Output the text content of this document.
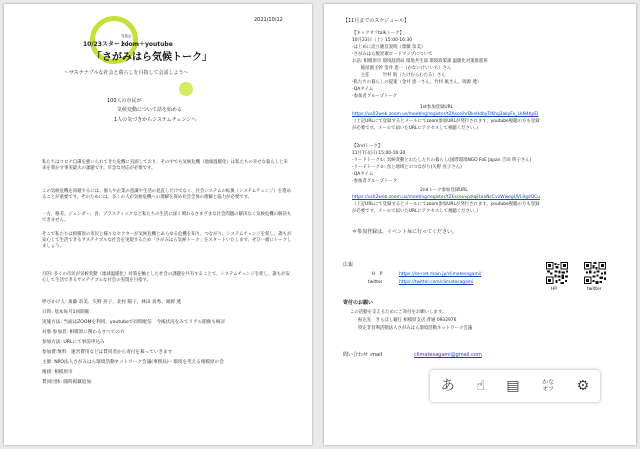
2021/10/12
10/23スタート！
対話会
zoom＋youtube
「さがみはら気候トーク」
〜サステナブルな社会と暮らしを目指して会話しよう〜
100人の市民が
気候変動について話を始める
1人の気づきからシステムチェンジへ
私たちはコロナ自粛を強いられてきた危機に直面しており、その中でも気候危機（地球温暖化）は私たちの幸せな暮らしと未来を脅かす事実最大の課題です。早急な対応が必要です。
この気候危機を回避するには、個人や企業の意識や生活の見直しだけでなく、社会システムの転換（システムチェンジ）を進めることが重要です。そのためには、多くの人が気候危機への理解を深め社会全体の理解と協力が必要です。
一方、格差、ジェンダー、食、プラスティックなど私たちの生活に深く関わるさまざまな社会問題の解決なく気候危機の解決もできません。
そこで私たちは相模原の市民と様々なセクターが気候危機とあらゆる危機を知り、つながり、システムチェンジを促し、誰もが安心して生活できるサステナブルな社会を実現するため「さがみはら気候トーク」をスタートいたします。ぜひ一緒にトークしましょう。
目的: 多くの市民が気候変動（地球温暖化）対策を軸とした社会の課題を共有することで、システムチェンジを促し、誰もが安心して生活できるサステナブルな社会の実現を目指す。
呼びかけ人: 斎藤 奈美、矢野 亮子、北村 陽子、林田 真秀、岡源 透
日時: 基本毎月1回開催
実施方法: 当面はZOOMを利用、youtubeで同時配信　今後状況をみてリアル開催も検討
対象·参加者: 相模原に関わるすべての方
参加方法: URLにて事前申込み
参加費:無料　運営費用などは賛同者から寄付を募っていきます
主催: NPO法人さがみはら環境活動ネットワーク会議(事務局)・環境を考える相模原の会
後援: 相模原市
賛同団体: 随時掲載追加
【11月までのスケジュール】
【キックオフtalkトーク】
10月23日（土）15:00-16:30
-はじめに設立趣旨説明（齋藤 奈美）
-さがみはら脱炭素ロードマップについて
お話: 相模原市 環境経済局 環境共生部 環境政策課 温暖化対策推進班
　　総括副主幹 金井 恵一（かないけいいち）さん
　　主任　　　竹村 航（たけむらわたる）さん
-私たちの暮らしの提案（金井 恵一さん、竹村 航さん、岡源 透）
-QAタイム
-参加者グループトーク
1st参加登録URL
https://us02web.zoom.us/meeting/register/tZAsceihrDksHdbyTrKhg3akyFx_LkN4hpEI
（上記URLにて登録するとメールにてzoom参加URLが発行されます。youtube視聴の方も登録
が必要です。メールで届いたURLにアクセスして視聴ください。）
【2ndトーク】
11月7日(日) 15:00-16:30
-リードトーク①: 気候変動とわたしたちの暮らし(国際環境NGO FoE Japan 吉田 明子さん)
-リードトーク②: 食と地域とのつながり(矢野 亮子さん)
-QAタイム
-参加者グループトーク
2ndトーク参加登録URL
https://us02web.zoom.us/meeting/register/tZEsceuvpzIqEtaaNcCvoWwegUVL9gdQCu
（上記URLにて登録するとメールにてzoom参加URLが発行されます。youtube視聴の方も登録
が必要です。メールで届いたURLにアクセスして視聴ください。）
＊参加登録は、イベント毎に行ってください。
広報
H　P	https://se-net.main.jp/climatesagami/
twitter	https://twitter.com/climatesagami
HP	twitter
寄付のお願い
この活動を支えるためにご寄付をお願いします。
振込先　きらぼし銀行 相模原支店 普通 0932976
特定非営利活動法人さがみはら環境活動ネットワーク会議
問い合わせ :mail	climatesagami@gmail.com
あ ☝ ▤	かなオフ ⚙
